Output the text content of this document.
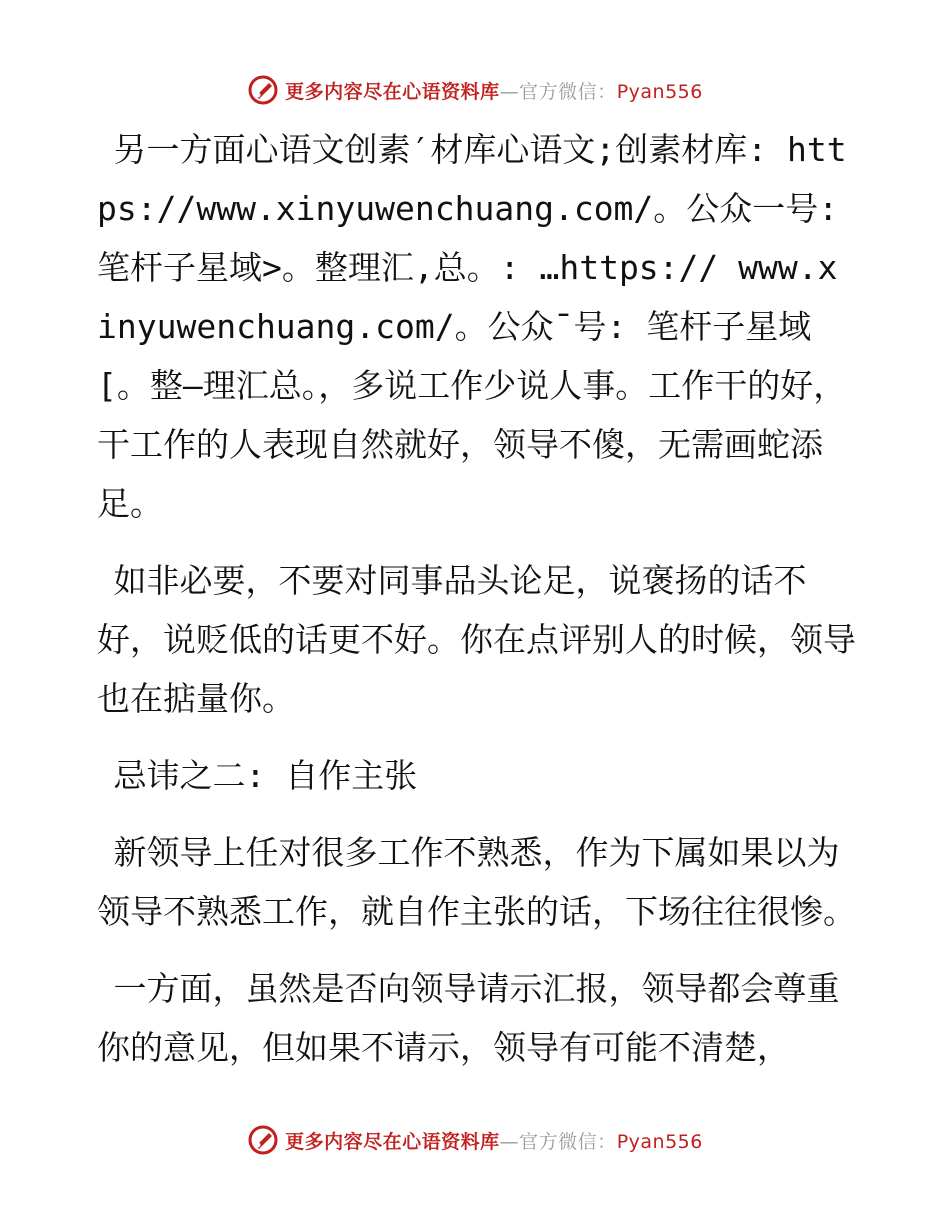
更多内容尽在心语资料库—官方微信：Pyan556

另一方面心语文创素′材库心语文;创素材库: https://www.xinyuwenchuang.com/。公众一号: 笔杆子星域>。整理汇,总。: …https:// www.xinyuwenchuang.com/。公众¯号: 笔杆子星域[。整—理汇总。，多说工作少说人事。工作干的好，干工作的人表现自然就好，领导不傻，无需画蛇添足。

如非必要，不要对同事品头论足，说褒扬的话不好，说贬低的话更不好。你在点评别人的时候，领导也在掂量你。

忌讳之二: 自作主张

新领导上任对很多工作不熟悉，作为下属如果以为领导不熟悉工作，就自作主张的话，下场往往很惨。

一方面，虽然是否向领导请示汇报，领导都会尊重你的意见，但如果不请示，领导有可能不清楚，

更多内容尽在心语资料库—官方微信：Pyan556
